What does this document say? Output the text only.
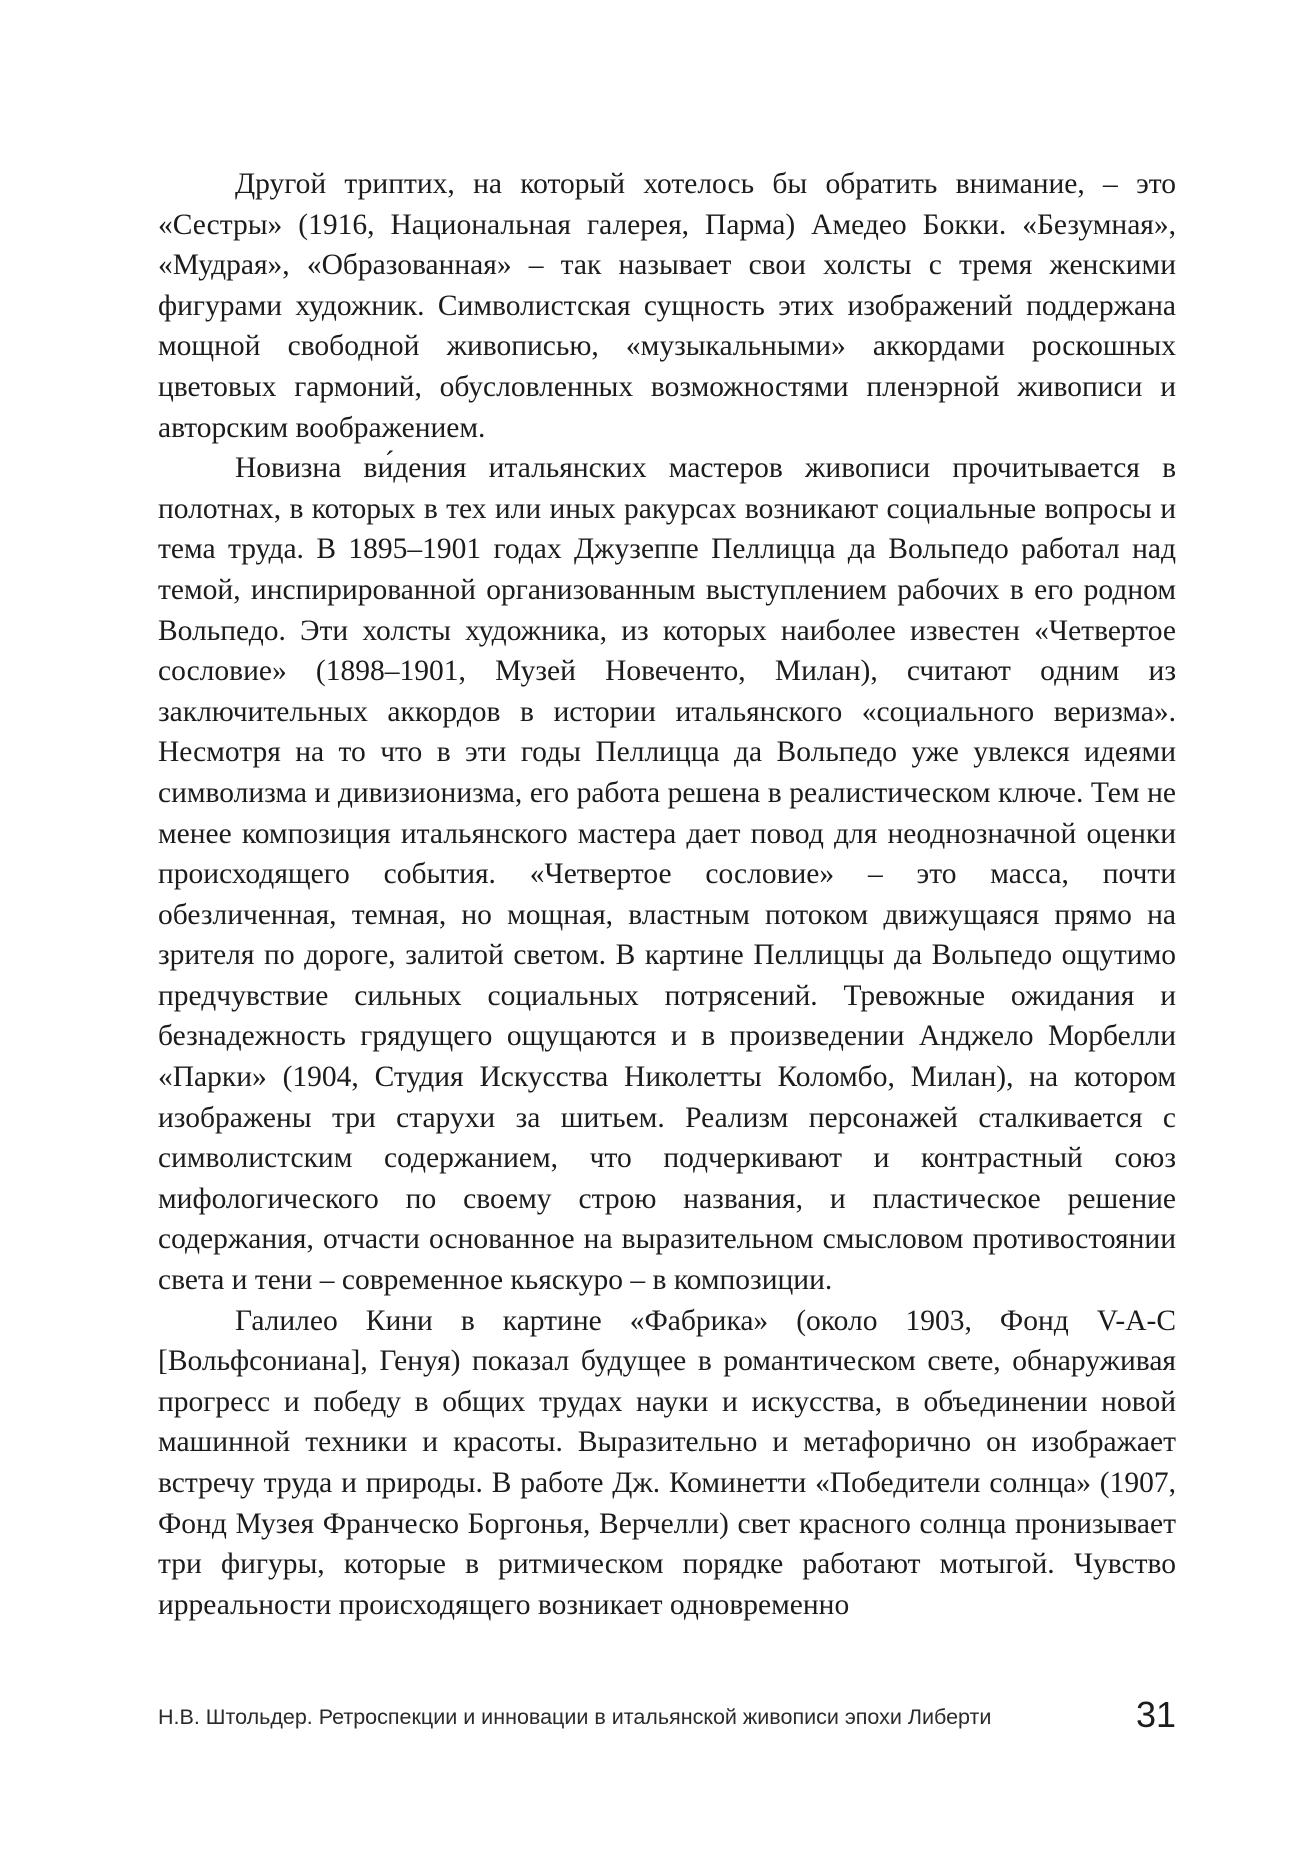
Другой триптих, на который хотелось бы обратить внимание, – это «Сестры» (1916, Национальная галерея, Парма) Амедео Бокки. «Безумная», «Мудрая», «Образованная» – так называет свои холсты с тремя женскими фигурами художник. Символистская сущность этих изображений поддержана мощной свободной живописью, «музыкальными» аккордами роскошных цветовых гармоний, обусловленных возможностями пленэрной живописи и авторским воображением.

Новизна ви́дения итальянских мастеров живописи прочитывается в полотнах, в которых в тех или иных ракурсах возникают социальные вопросы и тема труда. В 1895–1901 годах Джузеппе Пеллицца да Вольпедо работал над темой, инспирированной организованным выступлением рабочих в его родном Вольпедо. Эти холсты художника, из которых наиболее известен «Четвертое сословие» (1898–1901, Музей Новеченто, Милан), считают одним из заключительных аккордов в истории итальянского «социального веризма». Несмотря на то что в эти годы Пеллицца да Вольпедо уже увлекся идеями символизма и дивизионизма, его работа решена в реалистическом ключе. Тем не менее композиция итальянского мастера дает повод для неоднозначной оценки происходящего события. «Четвертое сословие» – это масса, почти обезличенная, темная, но мощная, властным потоком движущаяся прямо на зрителя по дороге, залитой светом. В картине Пеллиццы да Вольпедо ощутимо предчувствие сильных социальных потрясений. Тревожные ожидания и безнадежность грядущего ощущаются и в произведении Анджело Морбелли «Парки» (1904, Студия Искусства Николетты Коломбо, Милан), на котором изображены три старухи за шитьем. Реализм персонажей сталкивается с символистским содержанием, что подчеркивают и контрастный союз мифологического по своему строю названия, и пластическое решение содержания, отчасти основанное на выразительном смысловом противостоянии света и тени – современное кьяскуро – в композиции.

Галилео Кини в картине «Фабрика» (около 1903, Фонд V-A-C [Вольфсониана], Генуя) показал будущее в романтическом свете, обнаруживая прогресс и победу в общих трудах науки и искусства, в объединении новой машинной техники и красоты. Выразительно и метафорично он изображает встречу труда и природы. В работе Дж. Коминетти «Победители солнца» (1907, Фонд Музея Франческо Боргонья, Верчелли) свет красного солнца пронизывает три фигуры, которые в ритмическом порядке работают мотыгой. Чувство ирреальности происходящего возникает одновременно

Н.В. Штольдер. Ретроспекции и инновации в итальянской живописи эпохи Либерти	31
